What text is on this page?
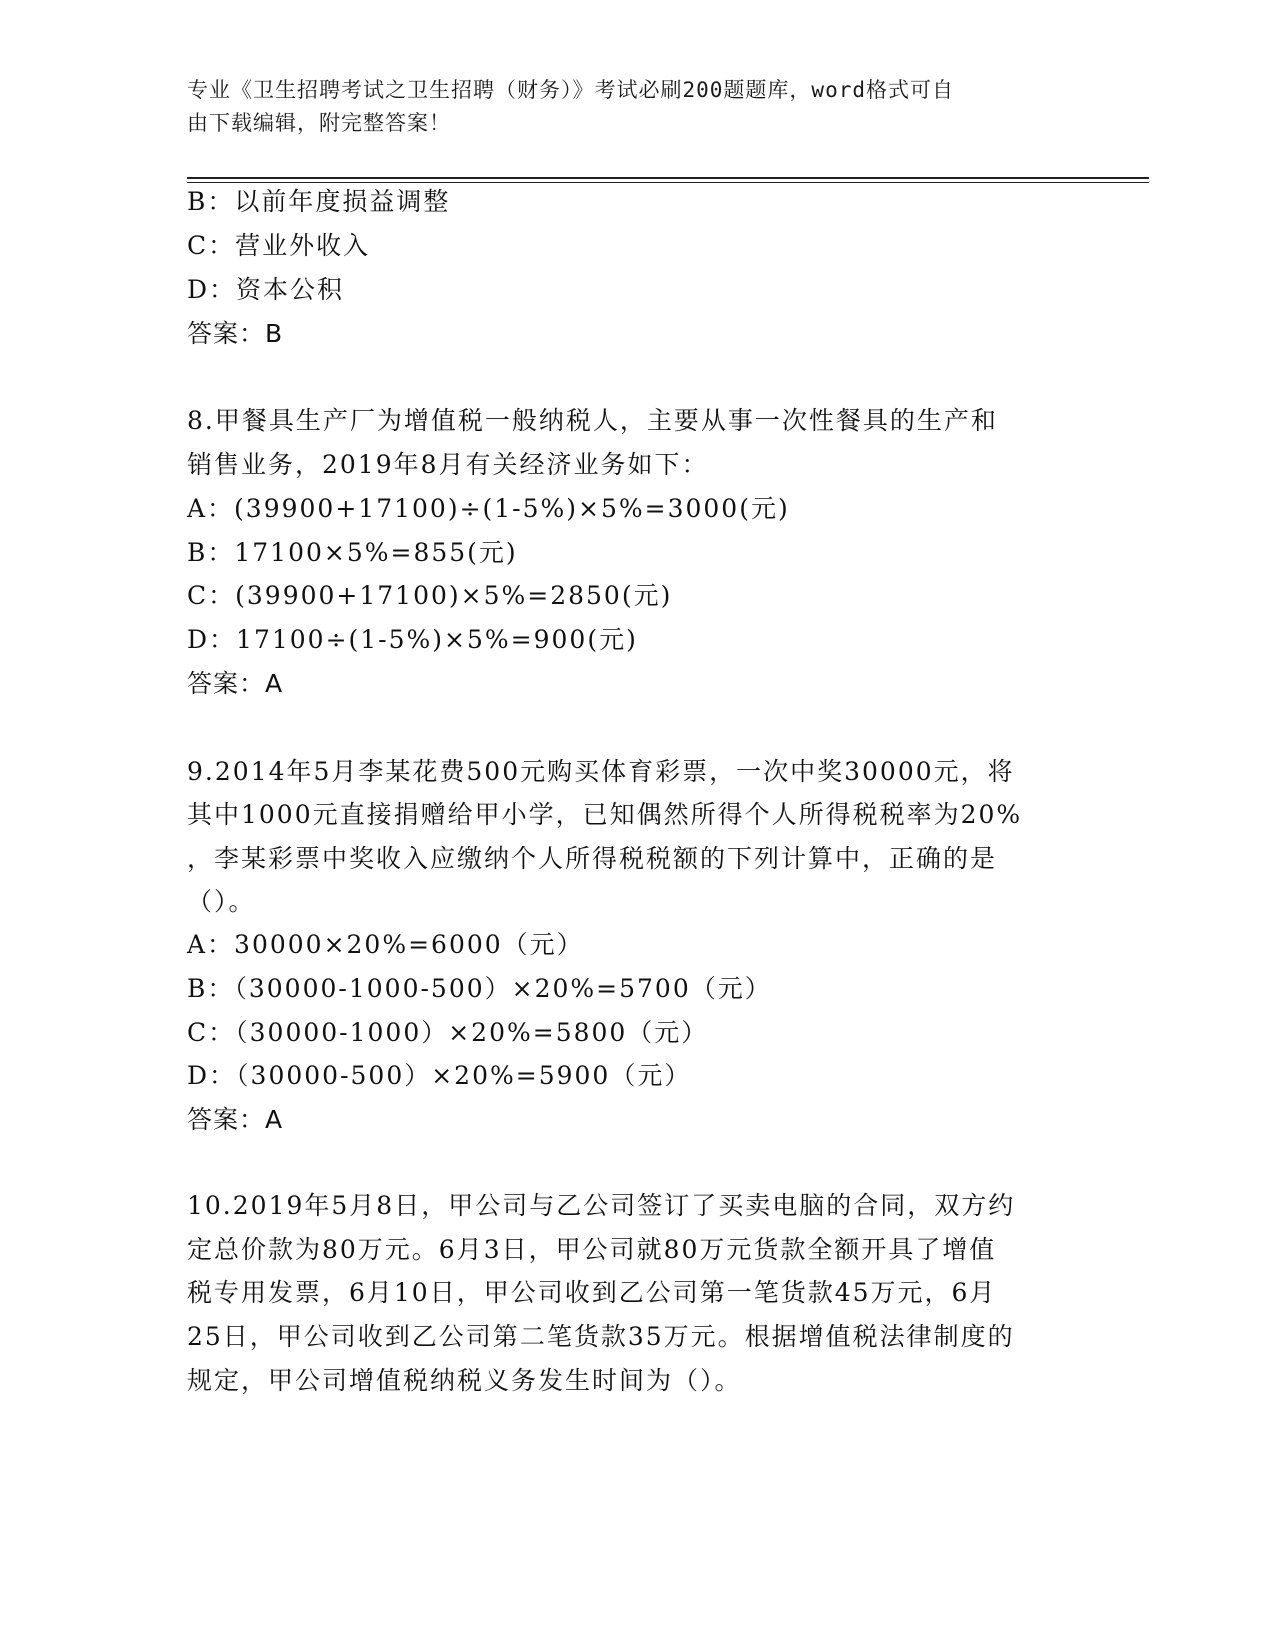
专业《卫生招聘考试之卫生招聘（财务）》考试必刷200题题库，word格式可自
由下载编辑，附完整答案！
B：以前年度损益调整
C：营业外收入
D：资本公积
答案：B
8.甲餐具生产厂为增值税一般纳税人，主要从事一次性餐具的生产和
销售业务，2019年8月有关经济业务如下：
A：(39900+17100)÷(1-5%)×5%=3000(元)
B：17100×5%=855(元)
C：(39900+17100)×5%=2850(元)
D：17100÷(1-5%)×5%=900(元)
答案：A
9.2014年5月李某花费500元购买体育彩票，一次中奖30000元，将
其中1000元直接捐赠给甲小学，已知偶然所得个人所得税税率为20%
，李某彩票中奖收入应缴纳个人所得税税额的下列计算中，正确的是
（）。
A：30000×20%=6000（元）
B：（30000-1000-500）×20%=5700（元）
C：（30000-1000）×20%=5800（元）
D：（30000-500）×20%=5900（元）
答案：A
10.2019年5月8日，甲公司与乙公司签订了买卖电脑的合同，双方约
定总价款为80万元。6月3日，甲公司就80万元货款全额开具了增值
税专用发票，6月10日，甲公司收到乙公司第一笔货款45万元，6月
25日，甲公司收到乙公司第二笔货款35万元。根据增值税法律制度的
规定，甲公司增值税纳税义务发生时间为（）。
